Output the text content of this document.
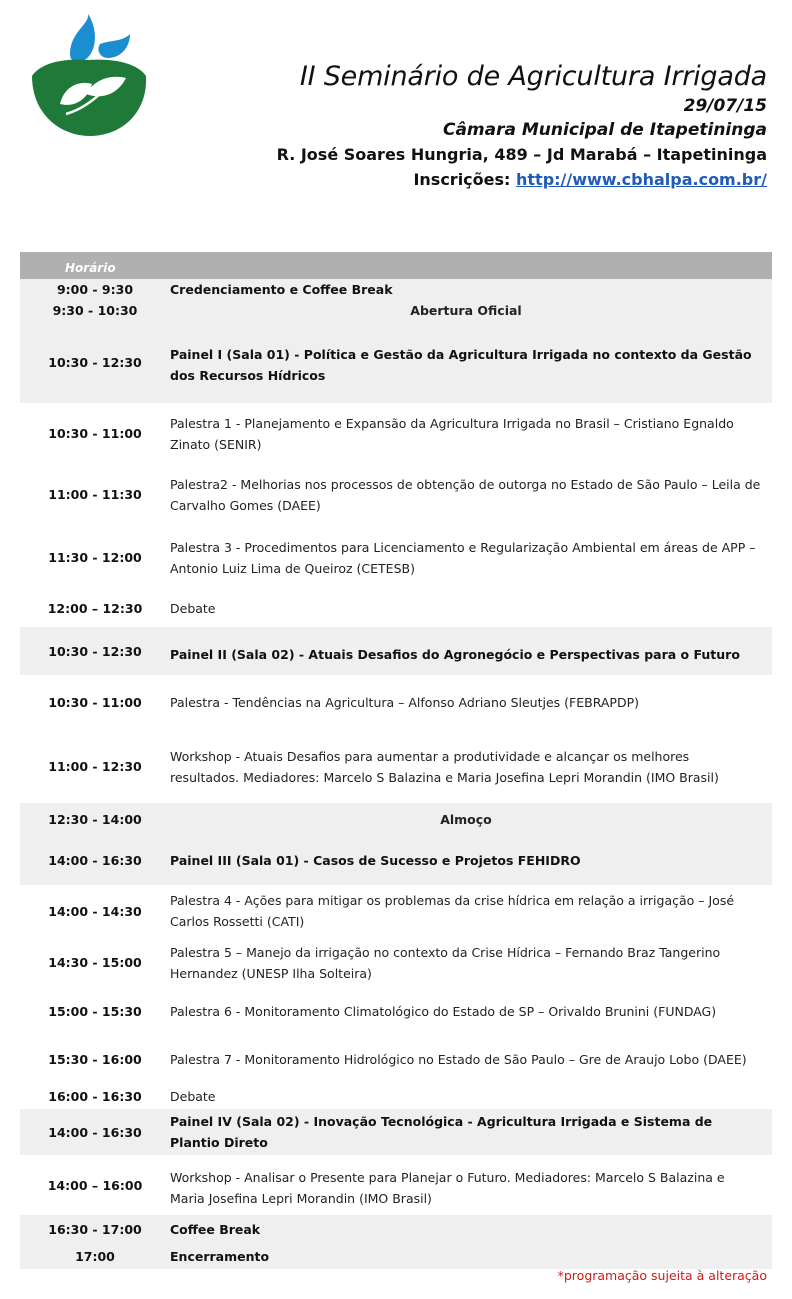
II Seminário de Agricultura Irrigada
29/07/15
Câmara Municipal de Itapetininga
R. José Soares Hungria, 489 – Jd Marabá – Itapetininga
Inscrições: http://www.cbhalpa.com.br/
Horário	
9:00 - 9:30	Credenciamento e Coffee Break
9:30 - 10:30	Abertura Oficial
10:30 - 12:30	Painel I (Sala 01) - Política e Gestão da Agricultura Irrigada no contexto da Gestão dos Recursos Hídricos
10:30 - 11:00	Palestra 1 - Planejamento e Expansão da Agricultura Irrigada no Brasil – Cristiano Egnaldo Zinato (SENIR)
11:00 - 11:30	Palestra2 - Melhorias nos processos de obtenção de outorga no Estado de São Paulo – Leila de Carvalho Gomes (DAEE)
11:30 - 12:00	Palestra 3 - Procedimentos para Licenciamento e Regularização Ambiental em áreas de APP – Antonio Luiz Lima de Queiroz (CETESB)
12:00 – 12:30	Debate
10:30 - 12:30	Painel II (Sala 02) - Atuais Desafios do Agronegócio e Perspectivas para o Futuro
10:30 - 11:00	Palestra - Tendências na Agricultura – Alfonso Adriano Sleutjes (FEBRAPDP)
11:00 - 12:30	Workshop - Atuais Desafios para aumentar a produtividade e alcançar os melhores resultados. Mediadores: Marcelo S Balazina e Maria Josefina Lepri Morandin (IMO Brasil)
12:30 - 14:00	Almoço
14:00 - 16:30	Painel III (Sala 01) - Casos de Sucesso e Projetos FEHIDRO
14:00 - 14:30	Palestra 4 - Ações para mitigar os problemas da crise hídrica em relação a irrigação – José Carlos Rossetti (CATI)
14:30 - 15:00	Palestra 5 – Manejo da irrigação no contexto da Crise Hídrica – Fernando Braz Tangerino Hernandez (UNESP Ilha Solteira)
15:00 - 15:30	Palestra 6 - Monitoramento Climatológico do Estado de SP – Orivaldo Brunini (FUNDAG)
15:30 - 16:00	Palestra 7 - Monitoramento Hidrológico no Estado de São Paulo – Gre de Araujo Lobo (DAEE)
16:00 - 16:30	Debate
14:00 - 16:30	Painel IV (Sala 02) - Inovação Tecnológica - Agricultura Irrigada e Sistema de Plantio Direto
14:00 – 16:00	Workshop - Analisar o Presente para Planejar o Futuro. Mediadores: Marcelo S Balazina e Maria Josefina Lepri Morandin (IMO Brasil)
16:30 - 17:00	Coffee Break
17:00	Encerramento
*programação sujeita à alteração
